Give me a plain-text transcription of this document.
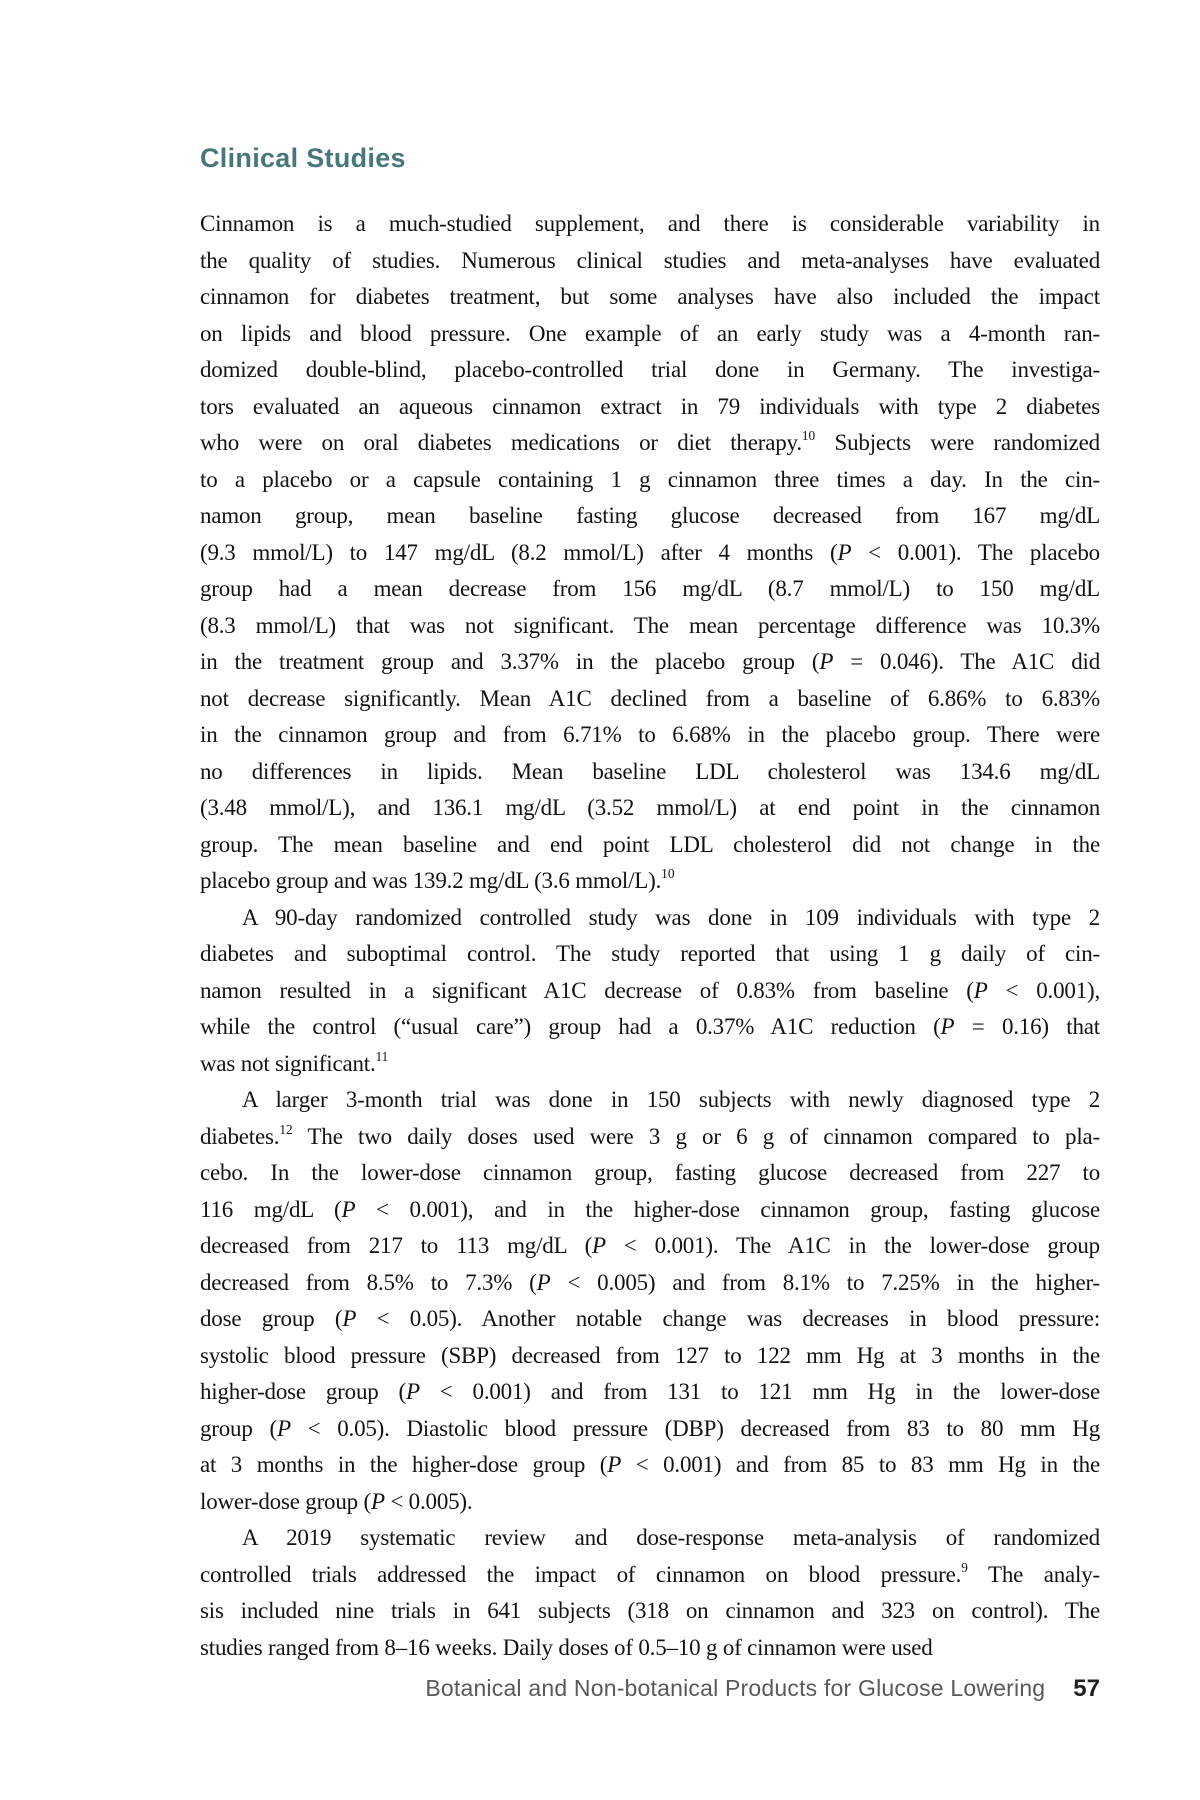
Clinical Studies
Cinnamon is a much-studied supplement, and there is considerable variability in
the quality of studies. Numerous clinical studies and meta-analyses have evaluated
cinnamon for diabetes treatment, but some analyses have also included the impact
on lipids and blood pressure. One example of an early study was a 4-month ran-
domized double-blind, placebo-controlled trial done in Germany. The investiga-
tors evaluated an aqueous cinnamon extract in 79 individuals with type 2 diabetes
who were on oral diabetes medications or diet therapy.$^{10}$ Subjects were randomized
to a placebo or a capsule containing 1 g cinnamon three times a day. In the cin-
namon group, mean baseline fasting glucose decreased from 167 mg/dL
(9.3 mmol/L) to 147 mg/dL (8.2 mmol/L) after 4 months (P < 0.001). The placebo
group had a mean decrease from 156 mg/dL (8.7 mmol/L) to 150 mg/dL
(8.3 mmol/L) that was not significant. The mean percentage difference was 10.3%
in the treatment group and 3.37% in the placebo group (P = 0.046). The A1C did
not decrease significantly. Mean A1C declined from a baseline of 6.86% to 6.83%
in the cinnamon group and from 6.71% to 6.68% in the placebo group. There were
no differences in lipids. Mean baseline LDL cholesterol was 134.6 mg/dL
(3.48 mmol/L), and 136.1 mg/dL (3.52 mmol/L) at end point in the cinnamon
group. The mean baseline and end point LDL cholesterol did not change in the
placebo group and was 139.2 mg/dL (3.6 mmol/L).$^{10}$
A 90-day randomized controlled study was done in 109 individuals with type 2
diabetes and suboptimal control. The study reported that using 1 g daily of cin-
namon resulted in a significant A1C decrease of 0.83% from baseline (P < 0.001),
while the control (“usual care”) group had a 0.37% A1C reduction (P = 0.16) that
was not significant.$^{11}$
A larger 3-month trial was done in 150 subjects with newly diagnosed type 2
diabetes.$^{12}$ The two daily doses used were 3 g or 6 g of cinnamon compared to pla-
cebo. In the lower-dose cinnamon group, fasting glucose decreased from 227 to
116 mg/dL (P < 0.001), and in the higher-dose cinnamon group, fasting glucose
decreased from 217 to 113 mg/dL (P < 0.001). The A1C in the lower-dose group
decreased from 8.5% to 7.3% (P < 0.005) and from 8.1% to 7.25% in the higher-
dose group (P < 0.05). Another notable change was decreases in blood pressure:
systolic blood pressure (SBP) decreased from 127 to 122 mm Hg at 3 months in the
higher-dose group (P < 0.001) and from 131 to 121 mm Hg in the lower-dose
group (P < 0.05). Diastolic blood pressure (DBP) decreased from 83 to 80 mm Hg
at 3 months in the higher-dose group (P < 0.001) and from 85 to 83 mm Hg in the
lower-dose group (P < 0.005).
A 2019 systematic review and dose-response meta-analysis of randomized
controlled trials addressed the impact of cinnamon on blood pressure.$^9$ The analy-
sis included nine trials in 641 subjects (318 on cinnamon and 323 on control). The
studies ranged from 8–16 weeks. Daily doses of 0.5–10 g of cinnamon were used
Botanical and Non-botanical Products for Glucose Lowering 57
